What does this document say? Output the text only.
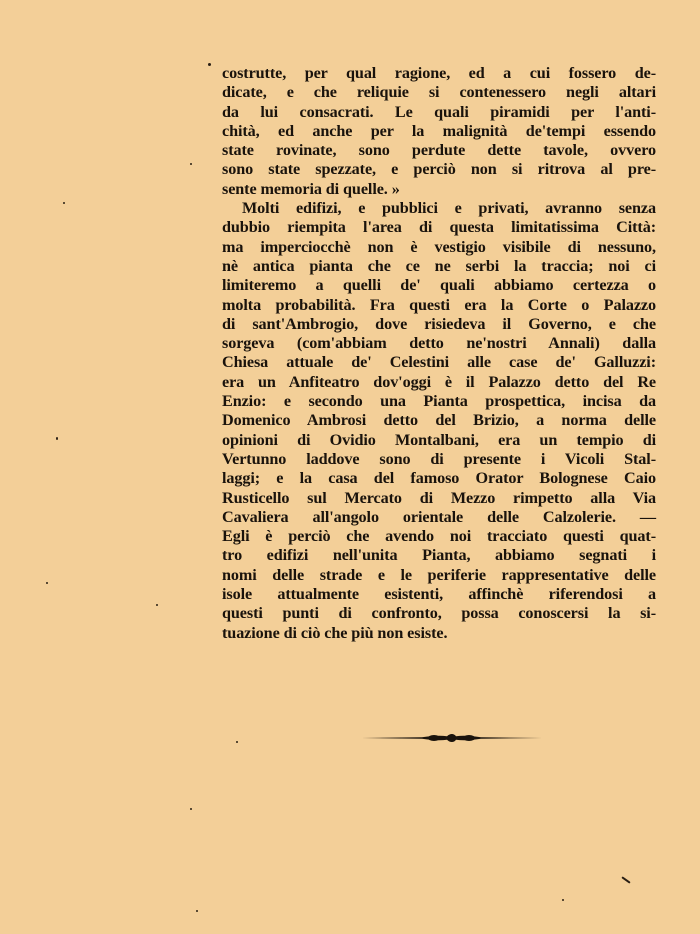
costrutte, per qual ragione, ed a cui fossero de-
dicate, e che reliquie si contenessero negli altari
da lui consacrati. Le quali piramidi per l'anti-
chità, ed anche per la malignità de'tempi essendo
state rovinate, sono perdute dette tavole, ovvero
sono state spezzate, e perciò non si ritrova al pre-
sente memoria di quelle. »
Molti edifizi, e pubblici e privati, avranno senza
dubbio riempita l'area di questa limitatissima Città:
ma imperciocchè non è vestigio visibile di nessuno,
nè antica pianta che ce ne serbi la traccia; noi ci
limiteremo a quelli de' quali abbiamo certezza o
molta probabilità. Fra questi era la Corte o Palazzo
di sant'Ambrogio, dove risiedeva il Governo, e che
sorgeva (com'abbiam detto ne'nostri Annali) dalla
Chiesa attuale de' Celestini alle case de' Galluzzi:
era un Anfiteatro dov'oggi è il Palazzo detto del Re
Enzio: e secondo una Pianta prospettica, incisa da
Domenico Ambrosi detto del Brizio, a norma delle
opinioni di Ovidio Montalbani, era un tempio di
Vertunno laddove sono di presente i Vicoli Stal-
laggi; e la casa del famoso Orator Bolognese Caio
Rusticello sul Mercato di Mezzo rimpetto alla Via
Cavaliera all'angolo orientale delle Calzolerie. —
Egli è perciò che avendo noi tracciato questi quat-
tro edifizi nell'unita Pianta, abbiamo segnati i
nomi delle strade e le periferie rappresentative delle
isole attualmente esistenti, affinchè riferendosi a
questi punti di confronto, possa conoscersi la si-
tuazione di ciò che più non esiste.
